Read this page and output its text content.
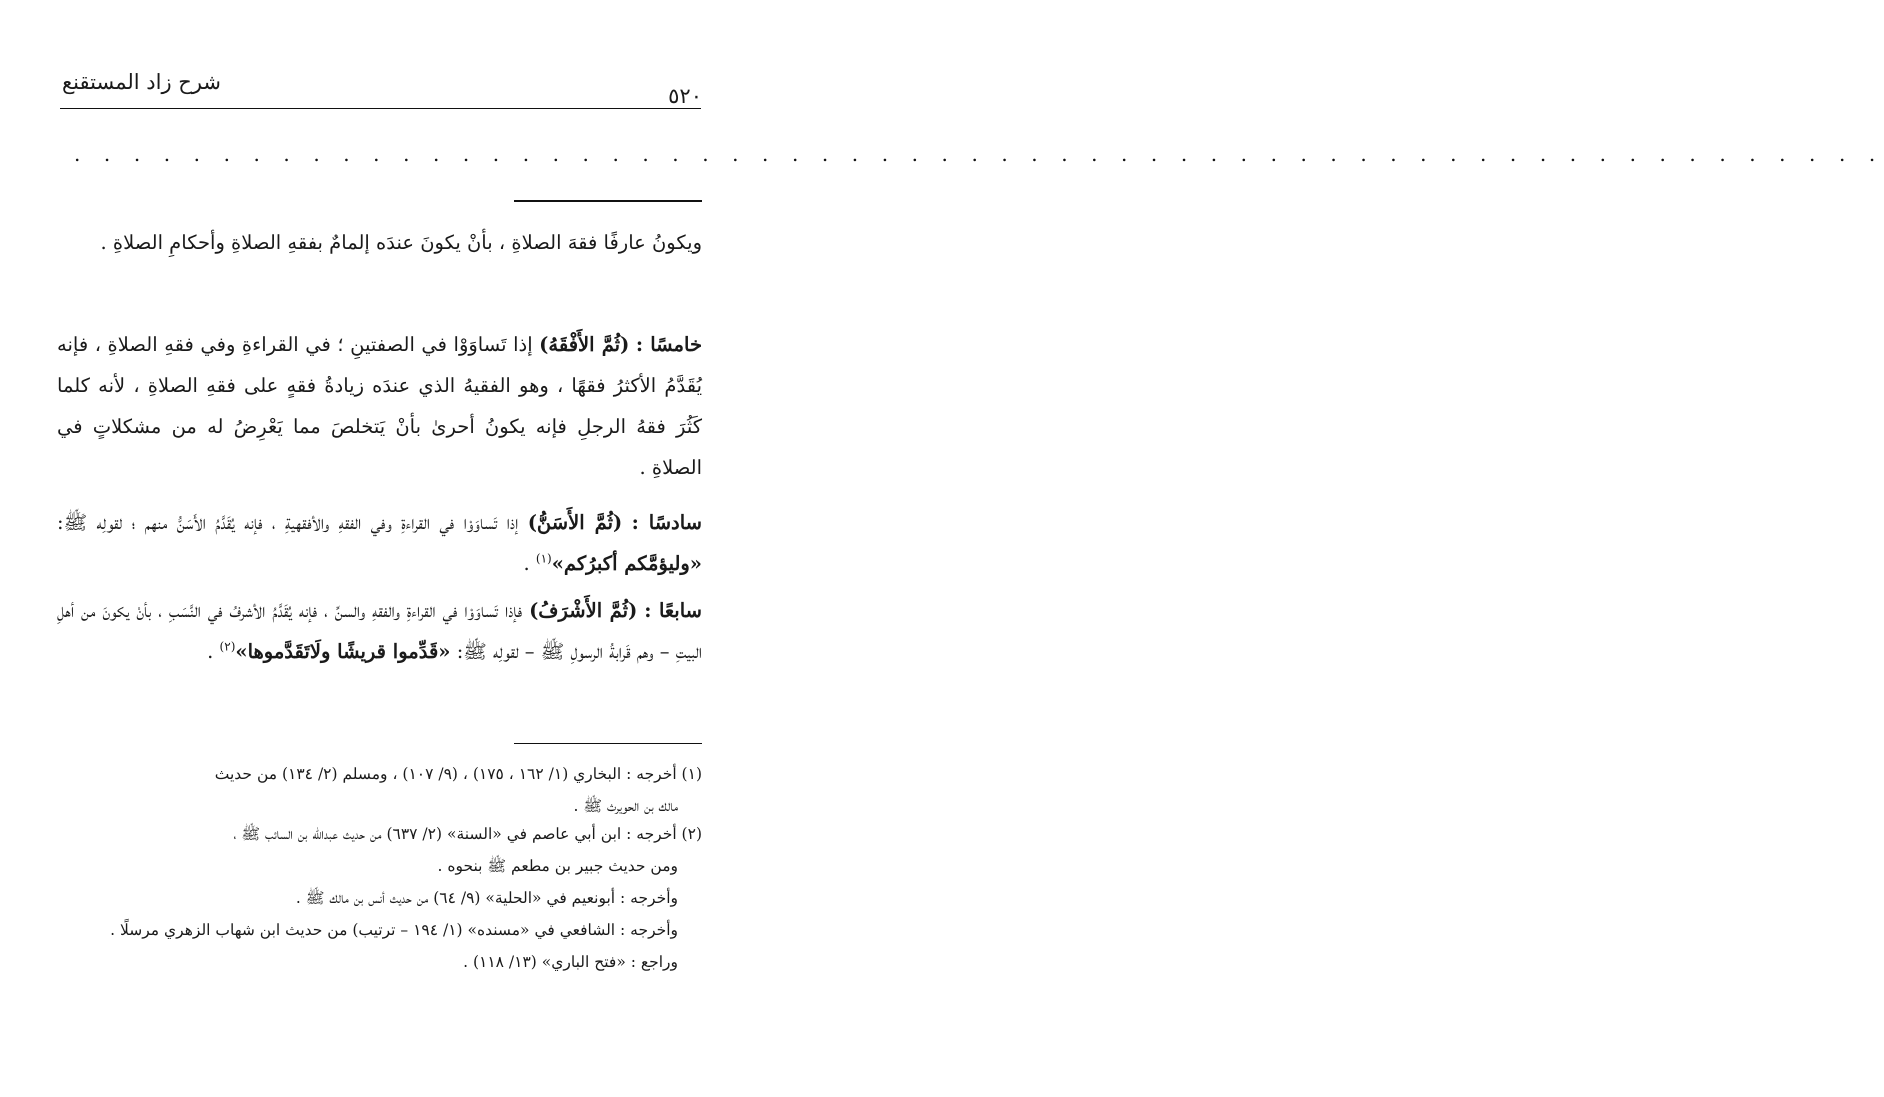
شرح زاد المستقنع
٥٢٠
. . . . . . . . . . . . . . . . . . . . . . . . . . . . . . . . . . . . . . . . . . . . . . . . . . . . . . . . . . . . .
ويكونُ عارفًا فقهَ الصلاةِ ، بأنْ يكونَ عندَه إلمامٌ بفقهِ الصلاةِ وأحكامِ الصلاةِ .
خامسًا : (ثُمَّ الأَفْقَهُ) إذا تَساوَوْا في الصفتينِ ؛ في القراءةِ وفي فقهِ الصلاةِ ، فإنه يُقَدَّمُ الأكثرُ فقهًا ، وهو الفقيهُ الذي عندَه زيادةُ فقهٍ على فقهِ الصلاةِ ، لأنه كلما كَثُرَ فقهُ الرجلِ فإنه يكونُ أحرىٰ بأنْ يَتخلصَ مما يَعْرِضُ له من مشكلاتٍ في الصلاةِ .
سادسًا : (ثُمَّ الأَسَنُّ) إذا تَساوَوْا في القراءةِ وفي الفقهِ والأفقهيةِ ، فإنه يُقَدَّمُ الأَسَنُّ منهم ؛ لقولِه ﷺ: «وليؤمَّكم أكبرُكم»$^{(١)}$ .
سابعًا : (ثُمَّ الأَشْرَفُ) فإذا تَساوَوْا في القراءةِ والفقهِ والسنِّ ، فإنه يُقَدَّمُ الأشرفُ في النَّسَبِ ، بأنْ يكونَ من أهلِ البيتِ – وهم قَرابةُ الرسولِ ﷺ – لقولِه ﷺ: «قَدِّموا قريشًا ولَاتَقَدَّموها»$^{(٢)}$ .
(١) أخرجه : البخاري (١/ ١٦٢ ، ١٧٥) ، (٩/ ١٠٧) ، ومسلم (٢/ ١٣٤) من حديث
مالك بن الحويرث ﷺ .
(٢) أخرجه : ابن أبي عاصم في «السنة» (٢/ ٦٣٧) من حديث عبدالله بن السائب ﷺ ،
ومن حديث جبير بن مطعم ﷺ بنحوه .
وأخرجه : أبونعيم في «الحلية» (٩/ ٦٤) من حديث أنس بن مالك ﷺ .
وأخرجه : الشافعي في «مسنده» (١/ ١٩٤ – ترتيب) من حديث ابن شهاب الزهري مرسلًا .
وراجع : «فتح الباري» (١٣/ ١١٨) .
